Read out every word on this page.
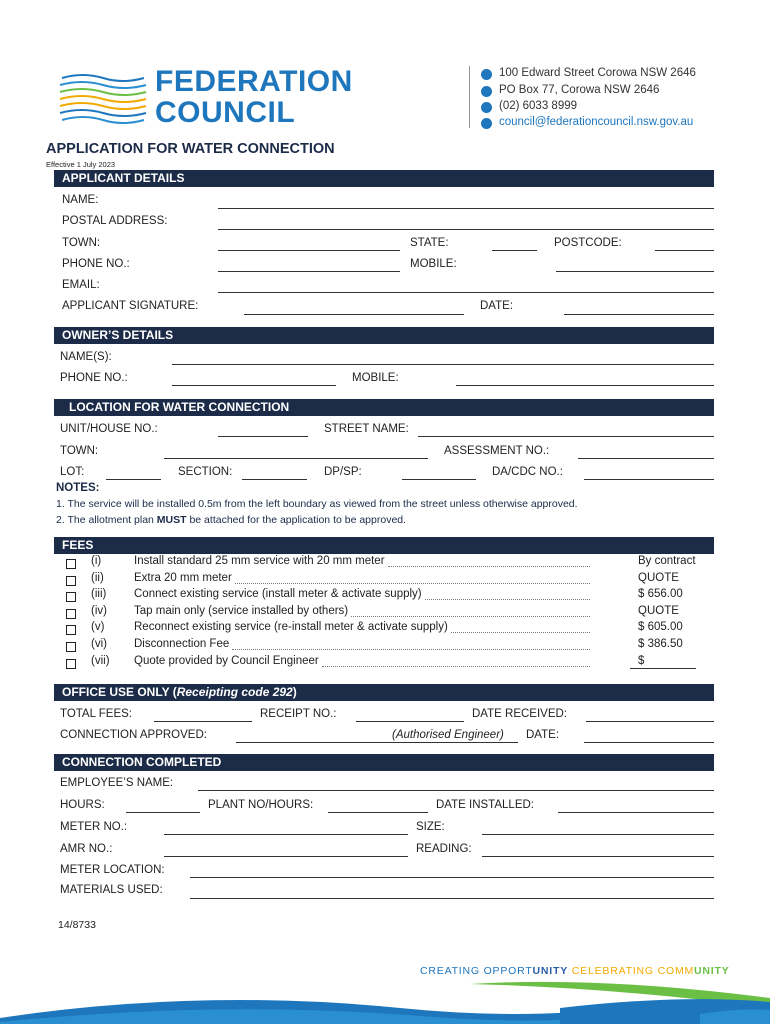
FEDERATION
COUNCIL
100 Edward Street Corowa NSW 2646
PO Box 77, Corowa NSW 2646
(02) 6033 8999
council@federationcouncil.nsw.gov.au
APPLICATION FOR WATER CONNECTION
Effective 1 July 2023
APPLICANT DETAILS
NAME:
POSTAL ADDRESS:
TOWN:	STATE:	POSTCODE:
PHONE NO.:	MOBILE:
EMAIL:
APPLICANT SIGNATURE:	DATE:
OWNER’S DETAILS
NAME(S):
PHONE NO.:	MOBILE:
LOCATION FOR WATER CONNECTION
UNIT/HOUSE NO.:	STREET NAME:
TOWN:	ASSESSMENT NO.:
LOT:	SECTION:	DP/SP:	DA/CDC NO.:
NOTES:
1. The service will be installed 0.5m from the left boundary as viewed from the street unless otherwise approved.
2. The allotment plan MUST be attached for the application to be approved.
FEES
(i)	Install standard 25 mm service with 20 mm meter	By contract
(ii)	Extra 20 mm meter	QUOTE
(iii) Connect existing service (install meter & activate supply)	$ 656.00
(iv) Tap main only (service installed by others)	QUOTE
(v)	Reconnect existing service (re-install meter & activate supply)	$ 605.00
(vi) Disconnection Fee	$ 386.50
(vii) Quote provided by Council Engineer	$
OFFICE USE ONLY (Receipting code 292)
TOTAL FEES:	RECEIPT NO.:	DATE RECEIVED:
CONNECTION APPROVED:	(Authorised Engineer) DATE:
CONNECTION COMPLETED
EMPLOYEE’S NAME:
HOURS:	PLANT NO/HOURS:	DATE INSTALLED:
METER NO.:	SIZE:
AMR NO.:	READING:
METER LOCATION:
MATERIALS USED:
14/8733
CREATING OPPORTUNITY CELEBRATING COMMUNITY
